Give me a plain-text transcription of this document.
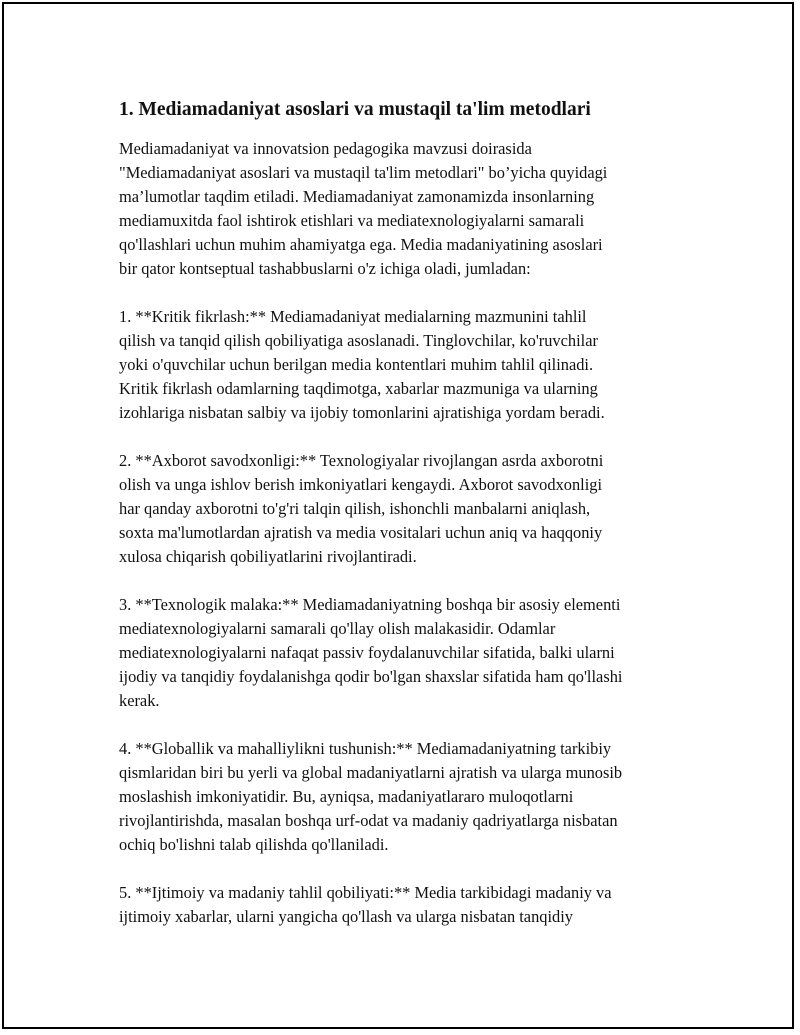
1. Mediamadaniyat asoslari va mustaqil ta'lim metodlari

Mediamadaniyat va innovatsion pedagogika mavzusi doirasida
"Mediamadaniyat asoslari va mustaqil ta'lim metodlari" bo’yicha quyidagi
ma’lumotlar taqdim etiladi. Mediamadaniyat zamonamizda insonlarning
mediamuxitda faol ishtirok etishlari va mediatexnologiyalarni samarali
qo'llashlari uchun muhim ahamiyatga ega. Media madaniyatining asoslari
bir qator kontseptual tashabbuslarni o'z ichiga oladi, jumladan:

1. **Kritik fikrlash:** Mediamadaniyat medialarning mazmunini tahlil
qilish va tanqid qilish qobiliyatiga asoslanadi. Tinglovchilar, ko'ruvchilar
yoki o'quvchilar uchun berilgan media kontentlari muhim tahlil qilinadi.
Kritik fikrlash odamlarning taqdimotga, xabarlar mazmuniga va ularning
izohlariga nisbatan salbiy va ijobiy tomonlarini ajratishiga yordam beradi.

2. **Axborot savodxonligi:** Texnologiyalar rivojlangan asrda axborotni
olish va unga ishlov berish imkoniyatlari kengaydi. Axborot savodxonligi
har qanday axborotni to'g'ri talqin qilish, ishonchli manbalarni aniqlash,
soxta ma'lumotlardan ajratish va media vositalari uchun aniq va haqqoniy
xulosa chiqarish qobiliyatlarini rivojlantiradi.

3. **Texnologik malaka:** Mediamadaniyatning boshqa bir asosiy elementi
mediatexnologiyalarni samarali qo'llay olish malakasidir. Odamlar
mediatexnologiyalarni nafaqat passiv foydalanuvchilar sifatida, balki ularni
ijodiy va tanqidiy foydalanishga qodir bo'lgan shaxslar sifatida ham qo'llashi
kerak.

4. **Globallik va mahalliylikni tushunish:** Mediamadaniyatning tarkibiy
qismlaridan biri bu yerli va global madaniyatlarni ajratish va ularga munosib
moslashish imkoniyatidir. Bu, ayniqsa, madaniyatlararo muloqotlarni
rivojlantirishda, masalan boshqa urf-odat va madaniy qadriyatlarga nisbatan
ochiq bo'lishni talab qilishda qo'llaniladi.

5. **Ijtimoiy va madaniy tahlil qobiliyati:** Media tarkibidagi madaniy va
ijtimoiy xabarlar, ularni yangicha qo'llash va ularga nisbatan tanqidiy
